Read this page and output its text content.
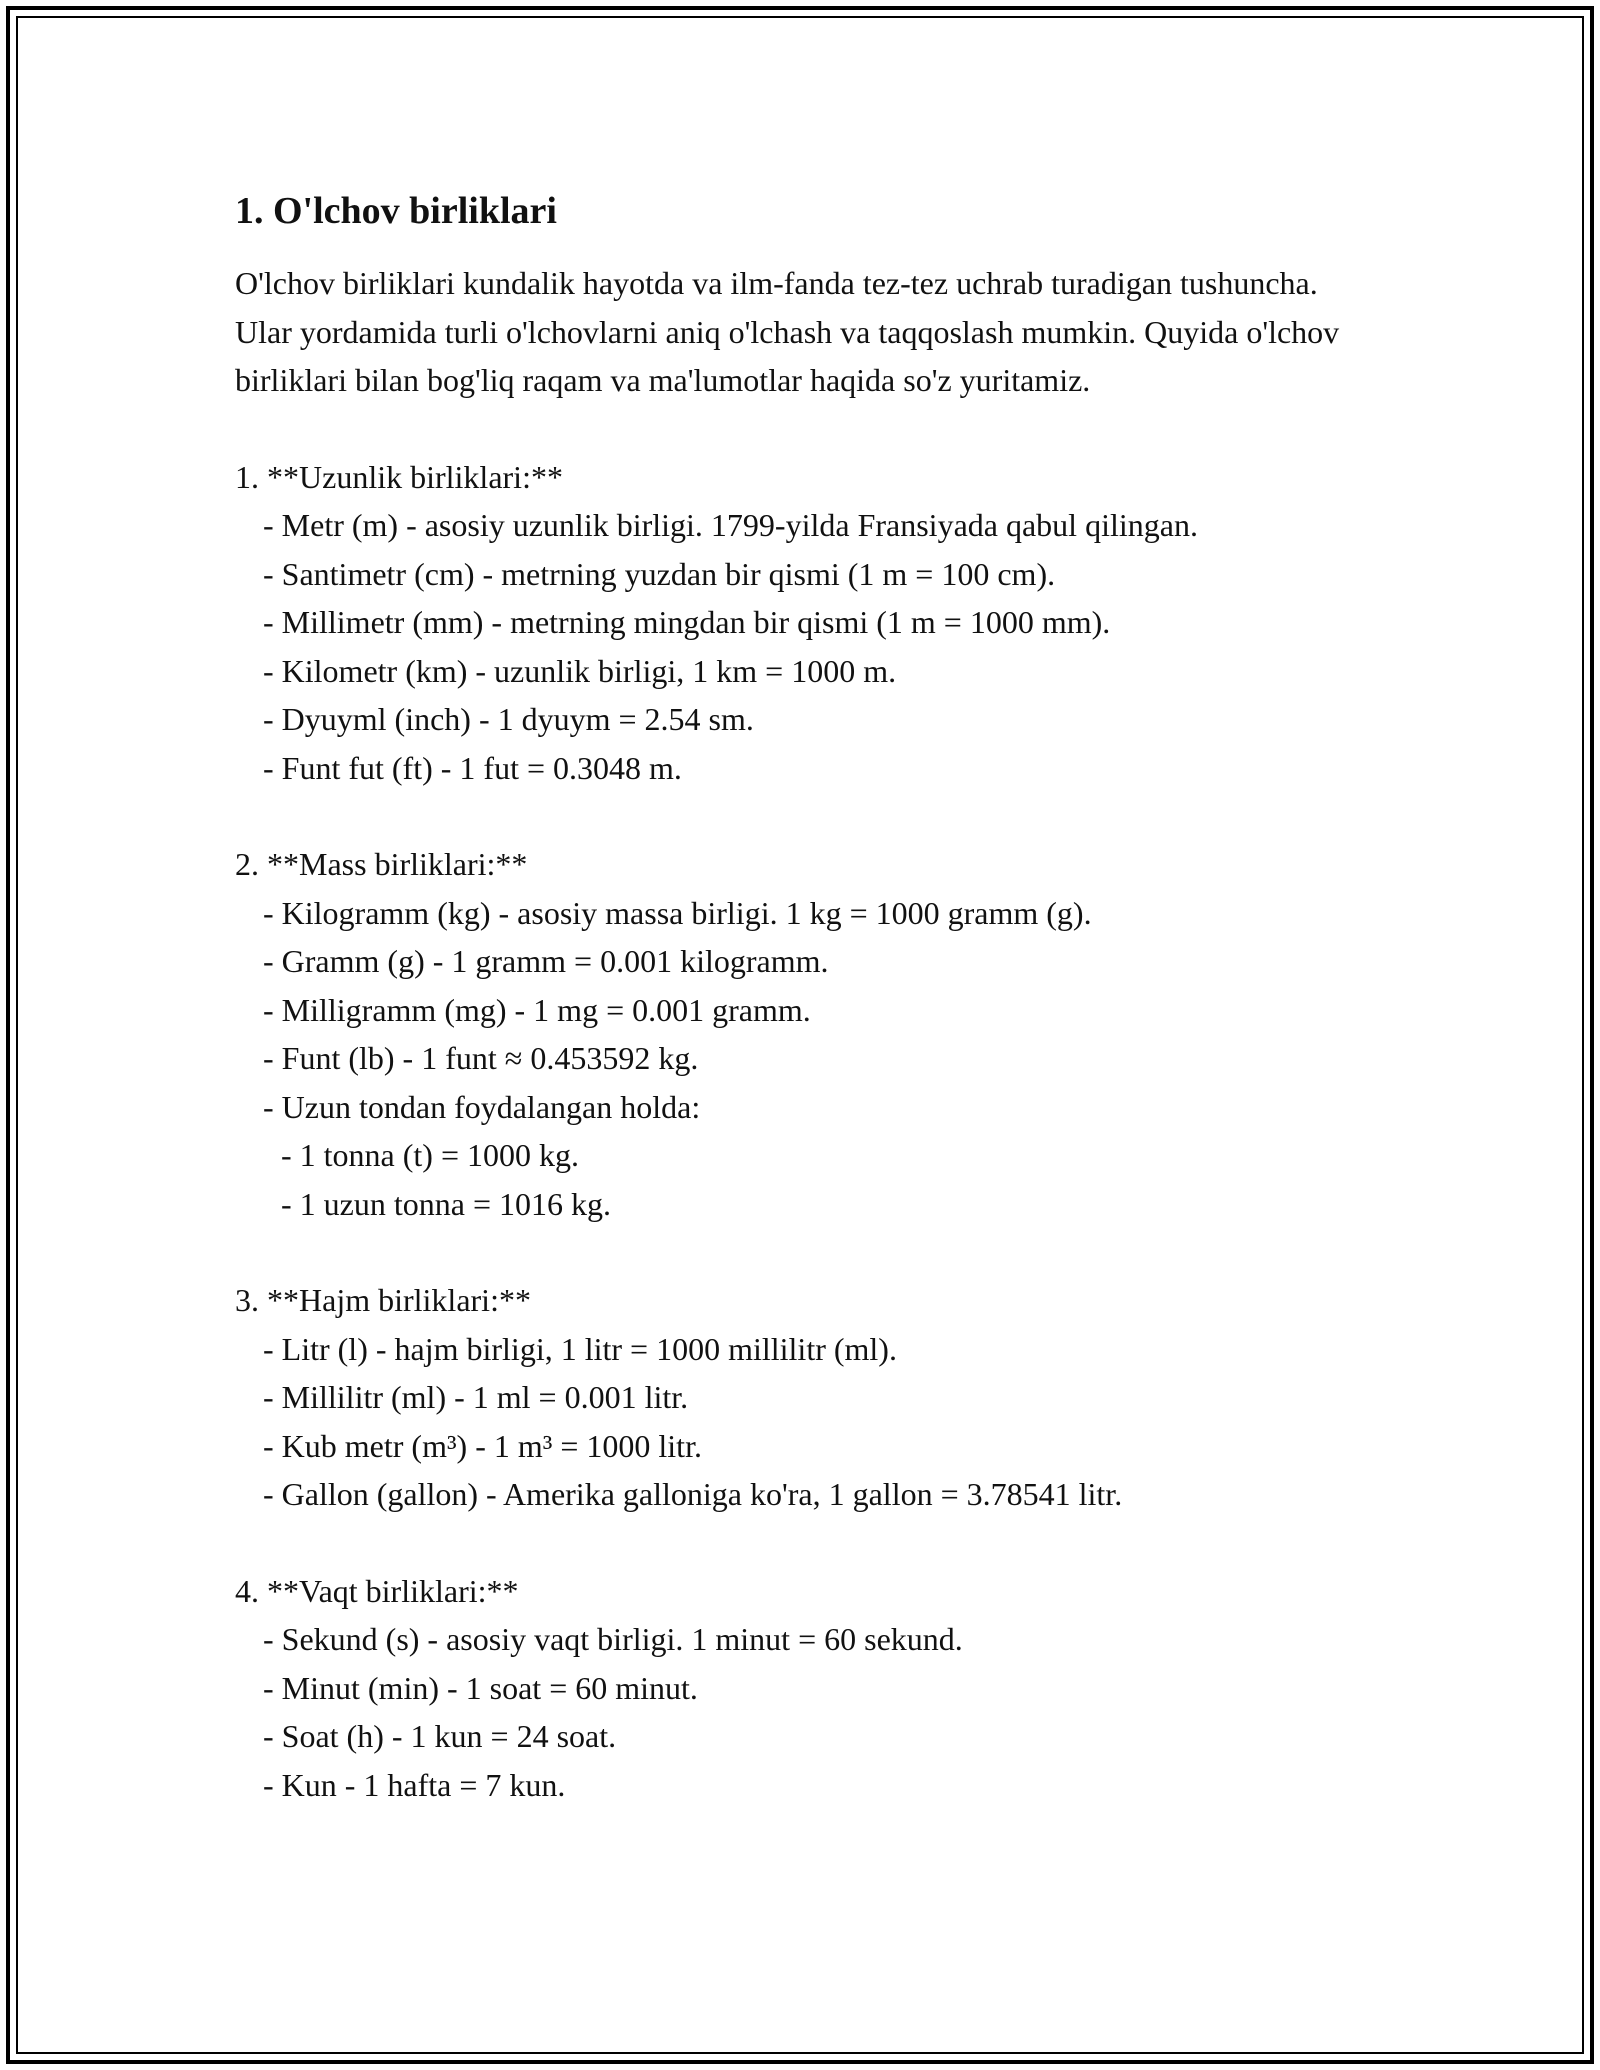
1. O'lchov birliklari
O'lchov birliklari kundalik hayotda va ilm-fanda tez-tez uchrab turadigan tushuncha. Ular yordamida turli o'lchovlarni aniq o'lchash va taqqoslash mumkin. Quyida o'lchov birliklari bilan bog'liq raqam va ma'lumotlar haqida so'z yuritamiz.
1. **Uzunlik birliklari:**
- Metr (m) - asosiy uzunlik birligi. 1799-yilda Fransiyada qabul qilingan.
- Santimetr (cm) - metrning yuzdan bir qismi (1 m = 100 cm).
- Millimetr (mm) - metrning mingdan bir qismi (1 m = 1000 mm).
- Kilometr (km) - uzunlik birligi, 1 km = 1000 m.
- Dyuyml (inch) - 1 dyuym = 2.54 sm.
- Funt fut (ft) - 1 fut = 0.3048 m.
2. **Mass birliklari:**
- Kilogramm (kg) - asosiy massa birligi. 1 kg = 1000 gramm (g).
- Gramm (g) - 1 gramm = 0.001 kilogramm.
- Milligramm (mg) - 1 mg = 0.001 gramm.
- Funt (lb) - 1 funt ≈ 0.453592 kg.
- Uzun tondan foydalangan holda:
- 1 tonna (t) = 1000 kg.
- 1 uzun tonna = 1016 kg.
3. **Hajm birliklari:**
- Litr (l) - hajm birligi, 1 litr = 1000 millilitr (ml).
- Millilitr (ml) - 1 ml = 0.001 litr.
- Kub metr (m³) - 1 m³ = 1000 litr.
- Gallon (gallon) - Amerika galloniga ko'ra, 1 gallon = 3.78541 litr.
4. **Vaqt birliklari:**
- Sekund (s) - asosiy vaqt birligi. 1 minut = 60 sekund.
- Minut (min) - 1 soat = 60 minut.
- Soat (h) - 1 kun = 24 soat.
- Kun - 1 hafta = 7 kun.
